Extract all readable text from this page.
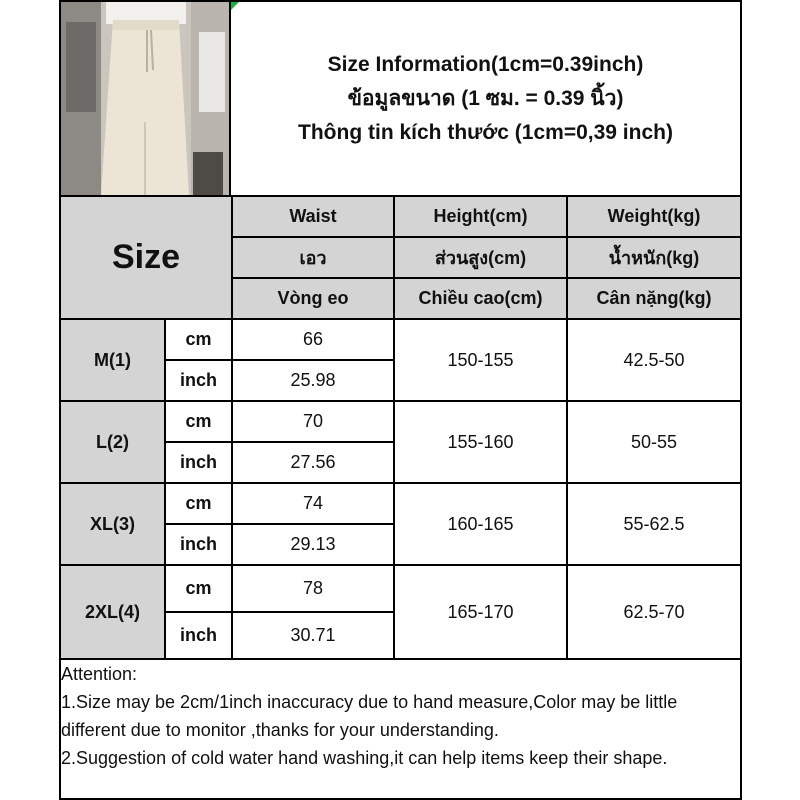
Size Information(1cm=0.39inch)
ข้อมูลขนาด (1 ซม. = 0.39 นิ้ว)
Thông tin kích thước (1cm=0,39 inch)
Size		Waist	Height(cm)	Weight(kg)
		เอว	ส่วนสูง(cm)	น้ำหนัก(kg)
		Vòng eo	Chiều cao(cm)	Cân nặng(kg)
M(1)	cm	66	150-155	42.5-50
	inch	25.98		
L(2)	cm	70	155-160	50-55
	inch	27.56		
XL(3)	cm	74	160-165	55-62.5
	inch	29.13		
2XL(4)	cm	78	165-170	62.5-70
	inch	30.71		

Attention:

1.Size may be 2cm/1inch inaccuracy due to hand measure,Color may be little different due to monitor ,thanks for your understanding.

2.Suggestion of cold water hand washing,it can help items keep their shape.
